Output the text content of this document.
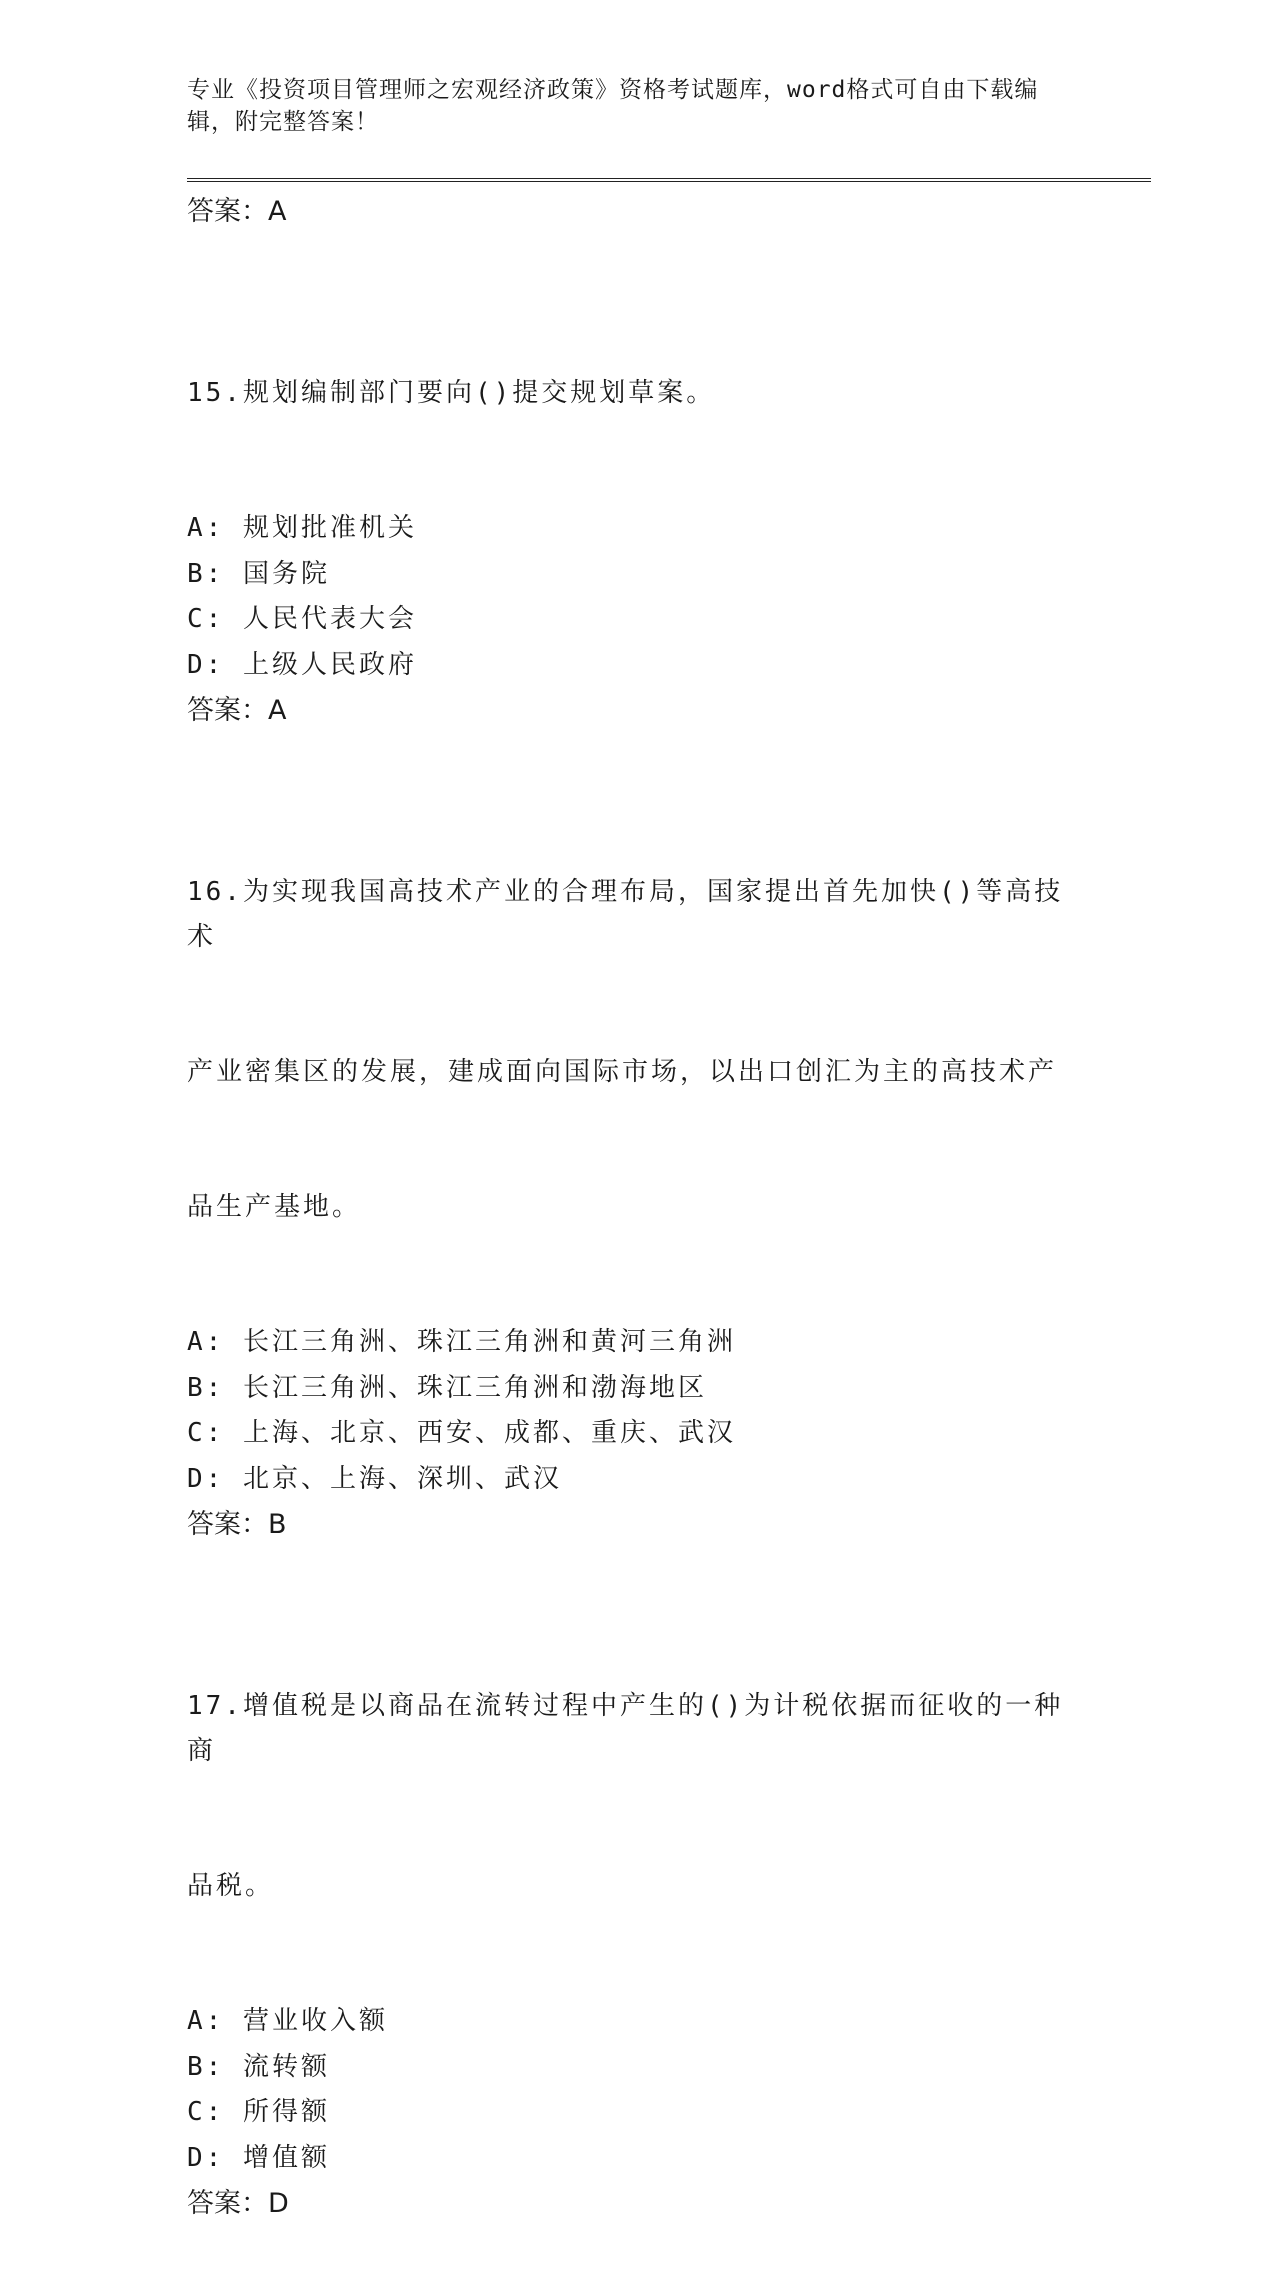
专业《投资项目管理师之宏观经济政策》资格考试题库，word格式可自由下载编
辑，附完整答案！
答案：A

15.规划编制部门要向()提交规划草案。

A: 规划批准机关
B: 国务院
C: 人民代表大会
D: 上级人民政府
答案：A

16.为实现我国高技术产业的合理布局，国家提出首先加快()等高技术

产业密集区的发展，建成面向国际市场，以出口创汇为主的高技术产

品生产基地。

A: 长江三角洲、珠江三角洲和黄河三角洲
B: 长江三角洲、珠江三角洲和渤海地区
C: 上海、北京、西安、成都、重庆、武汉
D: 北京、上海、深圳、武汉
答案：B

17.增值税是以商品在流转过程中产生的()为计税依据而征收的一种商

品税。

A: 营业收入额
B: 流转额
C: 所得额
D: 增值额
答案：D
